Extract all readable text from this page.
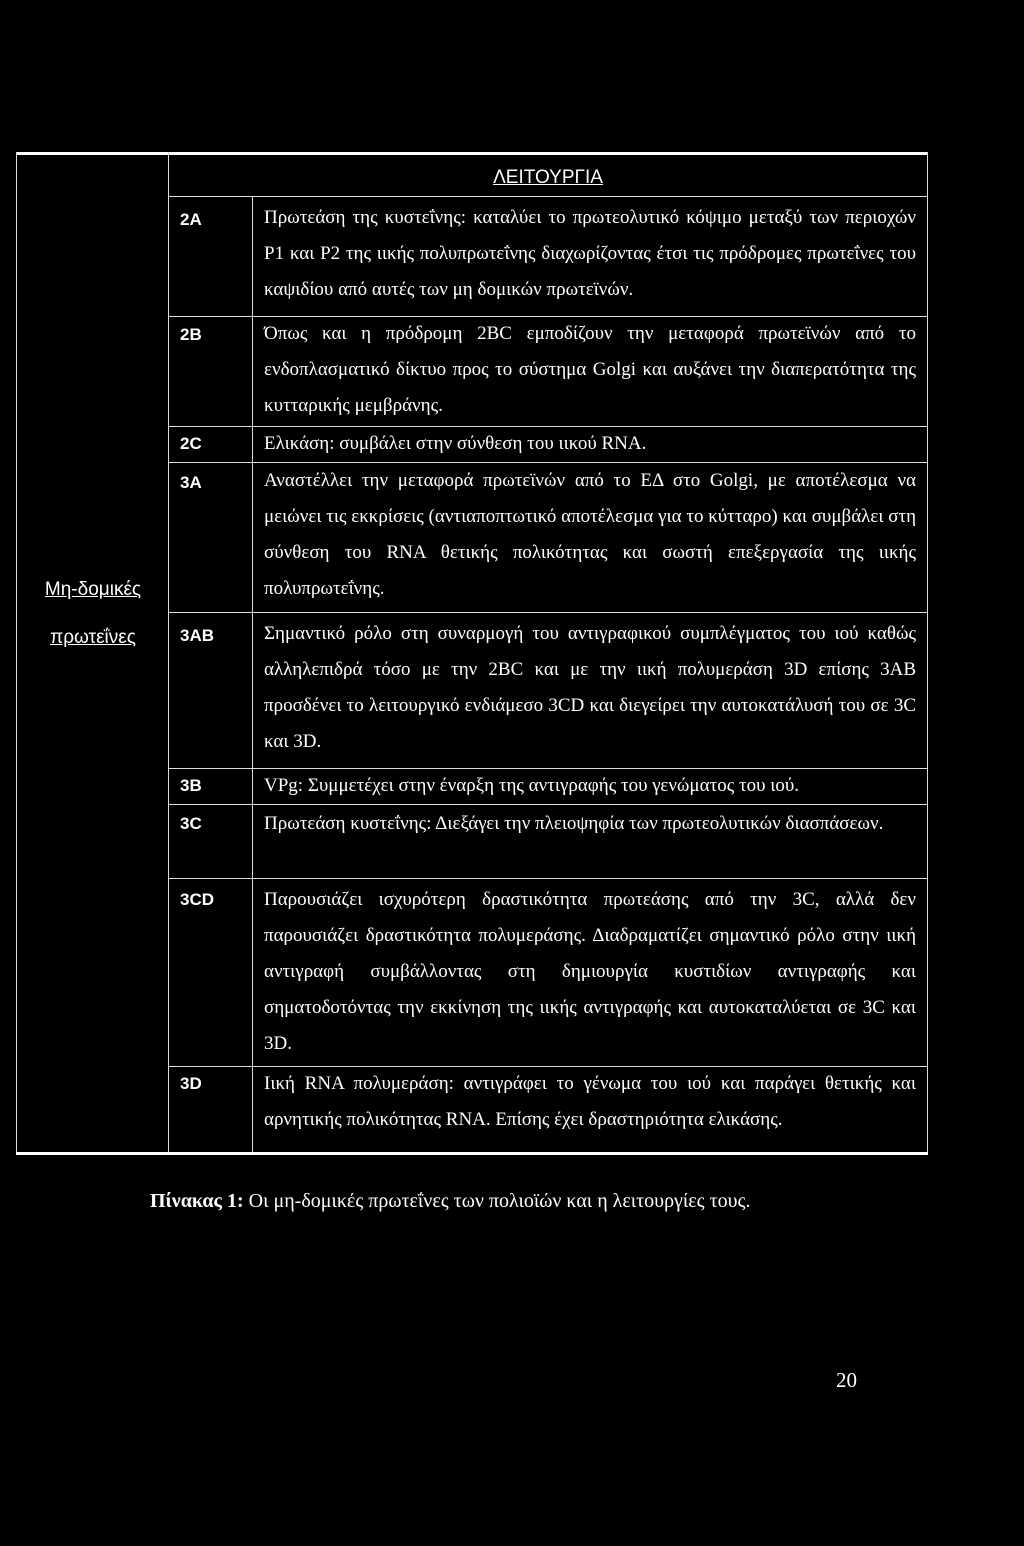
ΛΕΙΤΟΥΡΓΙΑ
Μη-δομικές
πρωτεΐνες
2A	Πρωτεάση της κυστεΐνης: καταλύει το πρωτεολυτικό κόψιμο μεταξύ των περιοχών P1 και P2 της ιικής πολυπρωτεΐνης διαχωρίζοντας έτσι τις πρόδρομες πρωτεΐνες του καψιδίου από αυτές των μη δομικών πρωτεϊνών.
2B	Όπως και η πρόδρομη 2BC εμποδίζουν την μεταφορά πρωτεϊνών από το ενδοπλασματικό δίκτυο προς το σύστημα Golgi και αυξάνει την διαπερατότητα της κυτταρικής μεμβράνης.
2C	Ελικάση: συμβάλει στην σύνθεση του ιικού RNA.
3A	Αναστέλλει την μεταφορά πρωτεϊνών από το ΕΔ στο Golgi, με αποτέλεσμα να μειώνει τις εκκρίσεις (αντιαποπτωτικό αποτέλεσμα για το κύτταρο) και συμβάλει στη σύνθεση του RNA θετικής πολικότητας και σωστή επεξεργασία της ιικής πολυπρωτεΐνης.
3AB	Σημαντικό ρόλο στη συναρμογή του αντιγραφικού συμπλέγματος του ιού καθώς αλληλεπιδρά τόσο με την 2BC και με την ιική πολυμεράση 3D επίσης 3AB προσδένει το λειτουργικό ενδιάμεσο 3CD και διεγείρει την αυτοκατάλυσή του σε 3C και 3D.
3B	VPg: Συμμετέχει στην έναρξη της αντιγραφής του γενώματος του ιού.
3C	Πρωτεάση κυστεΐνης: Διεξάγει την πλειοψηφία των πρωτεολυτικών διασπάσεων.
3CD	Παρουσιάζει ισχυρότερη δραστικότητα πρωτεάσης από την 3C, αλλά δεν παρουσιάζει δραστικότητα πολυμεράσης. Διαδραματίζει σημαντικό ρόλο στην ιική αντιγραφή συμβάλλοντας στη δημιουργία κυστιδίων αντιγραφής και σηματοδοτόντας την εκκίνηση της ιικής αντιγραφής και αυτοκαταλύεται σε 3C και 3D.
3D	Ιική RNA πολυμεράση: αντιγράφει το γένωμα του ιού και παράγει θετικής και αρνητικής πολικότητας RNA. Επίσης έχει δραστηριότητα ελικάσης.
Πίνακας 1: Οι μη-δομικές πρωτεΐνες των πολιοϊών και η λειτουργίες τους.
20
